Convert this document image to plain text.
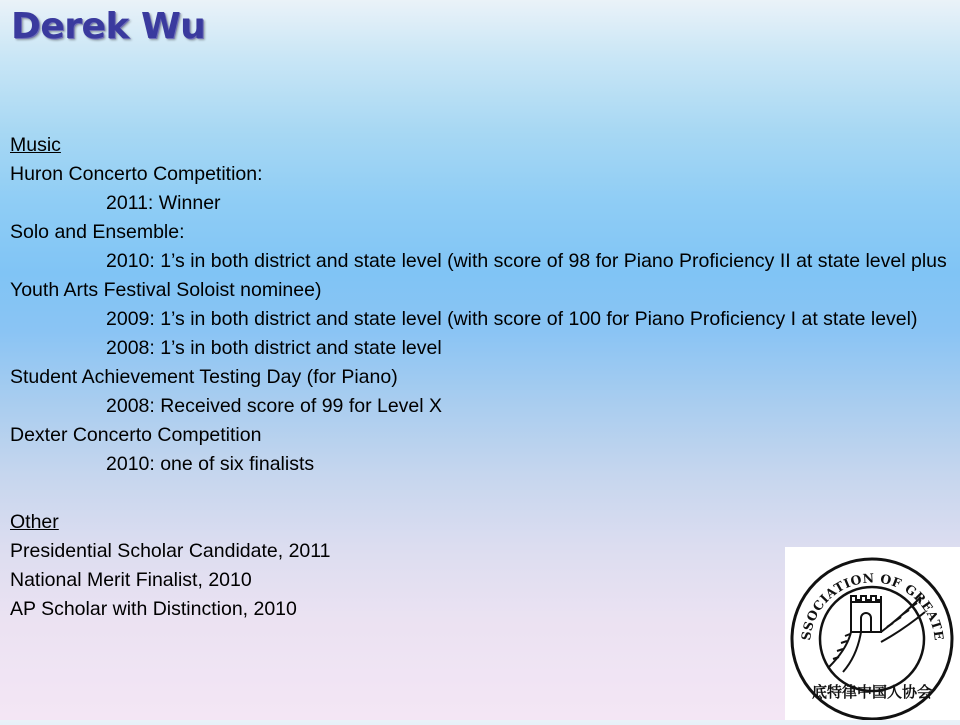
Derek Wu
Music
Huron Concerto Competition:
2011: Winner
Solo and Ensemble:
2010: 1’s in both district and state level (with score of 98 for Piano Proficiency II at state level plus Youth Arts Festival Soloist nominee)
2009: 1’s in both district and state level (with score of 100 for Piano Proficiency I at state level)
2008: 1’s in both district and state level
Student Achievement Testing Day (for Piano)
2008: Received score of 99 for Level X
Dexter Concerto Competition
2010: one of six finalists
Other
Presidential Scholar Candidate, 2011
National Merit Finalist, 2010
AP Scholar with Distinction, 2010
SSOCIATION OF GREATE
底特律中国人协会
